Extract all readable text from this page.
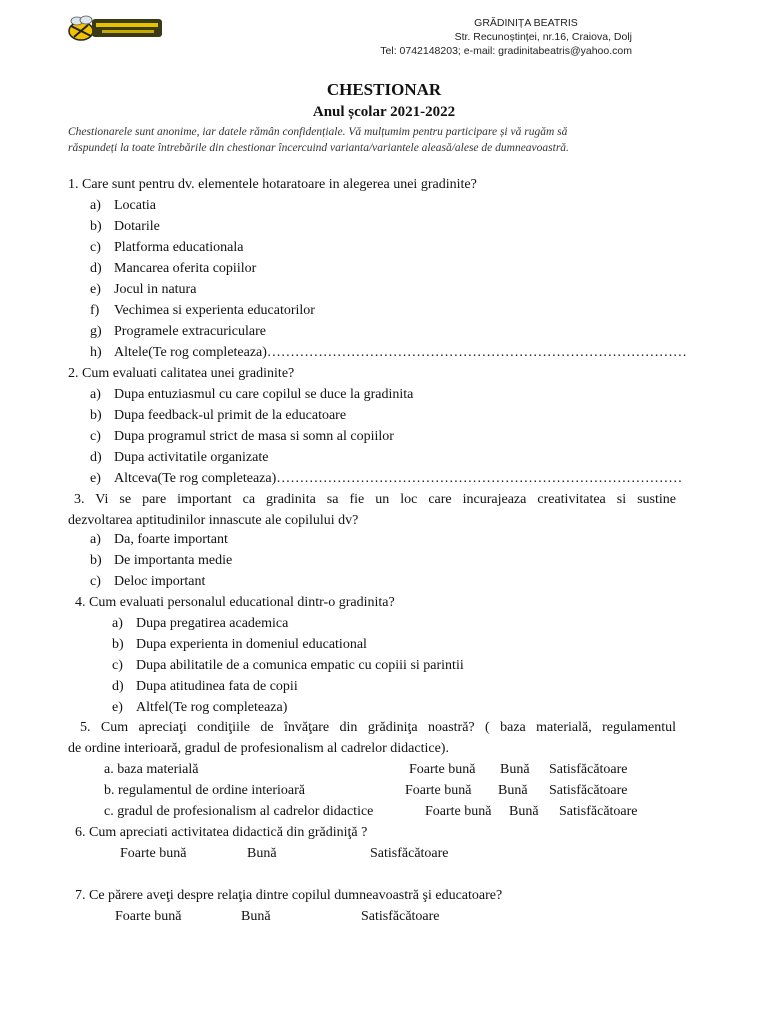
GRĂDINIȚA BEATRIS
Str. Recunoștinței, nr.16, Craiova, Dolj
Tel: 0742148203; e-mail: gradinitabeatris@yahoo.com
CHESTIONAR
Anul școlar 2021-2022
Chestionarele sunt anonime, iar datele rămân confidențiale. Vă mulțumim pentru participare și vă rugăm să
răspundeți la toate întrebările din chestionar încercuind varianta/variantele aleasă/alese de dumneavoastră.
1. Care sunt pentru dv. elementele hotaratoare in alegerea unei gradinite?
a) Locatia
b) Dotarile
c) Platforma educationala
d) Mancarea oferita copiilor
e) Jocul in natura
f) Vechimea si experienta educatorilor
g) Programele extracuriculare
h) Altele(Te rog completeaza)………………………………………………………………………………
2. Cum evaluati calitatea unei gradinite?
a) Dupa entuziasmul cu care copilul se duce la gradinita
b) Dupa feedback-ul primit de la educatoare
c) Dupa programul strict de masa si somn al copiilor
d) Dupa activitatile organizate
e) Altceva(Te rog completeaza)……………………………………………………………………………
3. Vi se pare important ca gradinita sa fie un loc care incurajeaza creativitatea si sustine
dezvoltarea aptitudinilor innascute ale copilului dv?
a) Da, foarte important
b) De importanta medie
c) Deloc important
4. Cum evaluati personalul educational dintr-o gradinita?
a) Dupa pregatirea academica
b) Dupa experienta in domeniul educational
c) Dupa abilitatile de a comunica empatic cu copiii si parintii
d) Dupa atitudinea fata de copii
e) Altfel(Te rog completeaza)
5. Cum apreciaţi condiţiile de învăţare din grădiniţa noastră? ( baza materială, regulamentul
de ordine interioară, gradul de profesionalism al cadrelor didactice).
a. baza materială	Foarte bună Bună Satisfăcătoare
b. regulamentul de ordine interioară	Foarte bună Bună Satisfăcătoare
c. gradul de profesionalism al cadrelor didactice	Foarte bună Bună Satisfăcătoare
6. Cum apreciati activitatea didactică din grădiniţă ?
Foarte bună	Bună	Satisfăcătoare
7. Ce părere aveţi despre relaţia dintre copilul dumneavoastră şi educatoare?
Foarte bună	Bună	Satisfăcătoare
